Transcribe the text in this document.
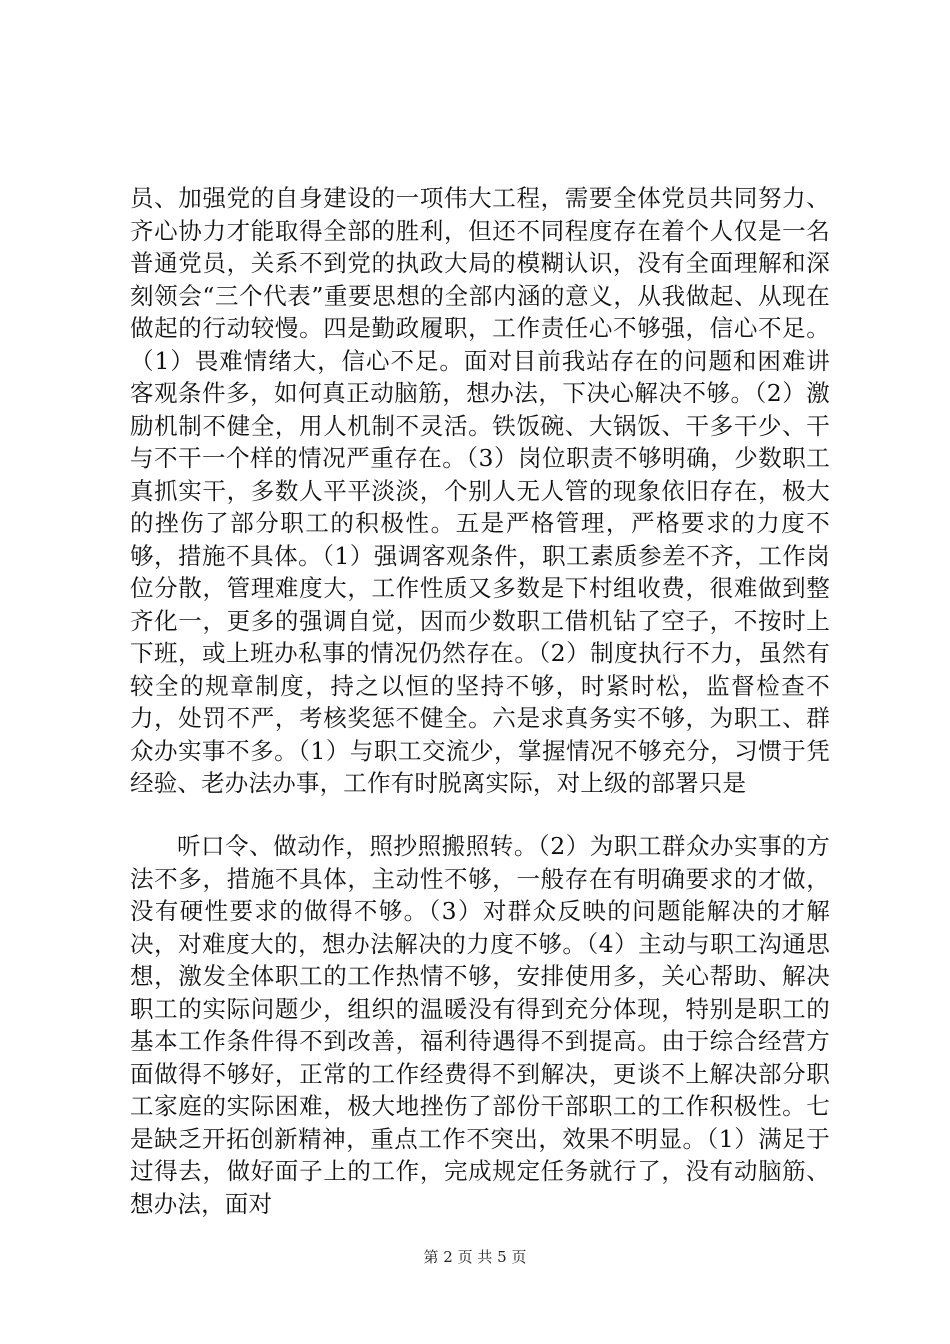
员、加强党的自身建设的一项伟大工程，需要全体党员共同努力、齐心协力才能取得全部的胜利，但还不同程度存在着个人仅是一名普通党员，关系不到党的执政大局的模糊认识，没有全面理解和深刻领会“三个代表”重要思想的全部内涵的意义，从我做起、从现在做起的行动较慢。四是勤政履职，工作责任心不够强，信心不足。（1）畏难情绪大，信心不足。面对目前我站存在的问题和困难讲客观条件多，如何真正动脑筋，想办法，下决心解决不够。（2）激励机制不健全，用人机制不灵活。铁饭碗、大锅饭、干多干少、干与不干一个样的情况严重存在。（3）岗位职责不够明确，少数职工真抓实干，多数人平平淡淡，个别人无人管的现象依旧存在，极大的挫伤了部分职工的积极性。五是严格管理，严格要求的力度不够，措施不具体。（1）强调客观条件，职工素质参差不齐，工作岗位分散，管理难度大，工作性质又多数是下村组收费，很难做到整齐化一，更多的强调自觉，因而少数职工借机钻了空子，不按时上下班，或上班办私事的情况仍然存在。（2）制度执行不力，虽然有较全的规章制度，持之以恒的坚持不够，时紧时松，监督检查不力，处罚不严，考核奖惩不健全。六是求真务实不够，为职工、群众办实事不多。（1）与职工交流少，掌握情况不够充分，习惯于凭经验、老办法办事，工作有时脱离实际，对上级的部署只是

听口令、做动作，照抄照搬照转。（2）为职工群众办实事的方法不多，措施不具体，主动性不够，一般存在有明确要求的才做，没有硬性要求的做得不够。（3）对群众反映的问题能解决的才解决，对难度大的，想办法解决的力度不够。（4）主动与职工沟通思想，激发全体职工的工作热情不够，安排使用多，关心帮助、解决职工的实际问题少，组织的温暖没有得到充分体现，特别是职工的基本工作条件得不到改善，福利待遇得不到提高。由于综合经营方面做得不够好，正常的工作经费得不到解决，更谈不上解决部分职工家庭的实际困难，极大地挫伤了部份干部职工的工作积极性。七是缺乏开拓创新精神，重点工作不突出，效果不明显。（1）满足于过得去，做好面子上的工作，完成规定任务就行了，没有动脑筋、想办法，面对

第 2 页 共 5 页
